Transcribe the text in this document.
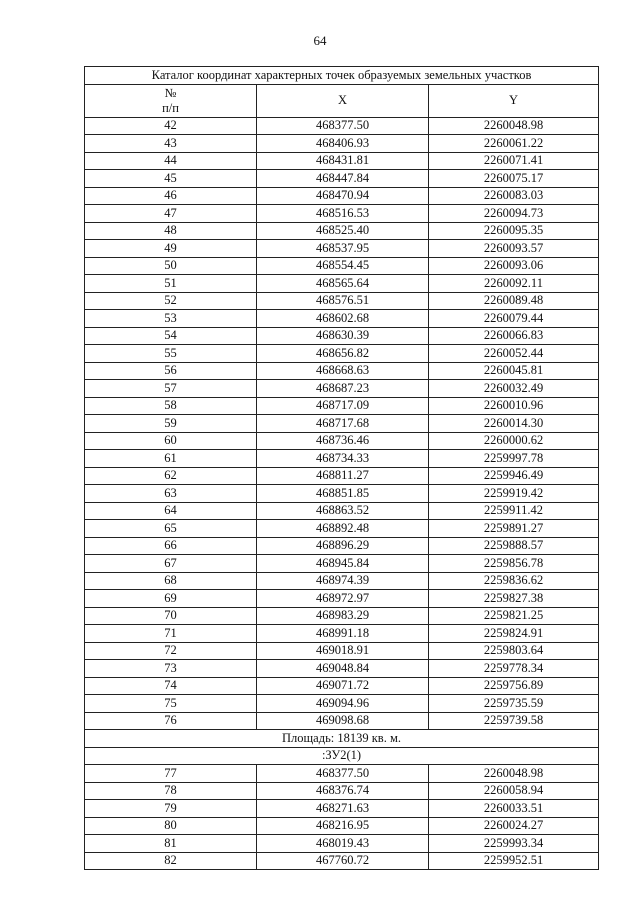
64
Каталог координат характерных точек образуемых земельных участков		

№
п/п	X	Y
42	468377.50	2260048.98
43	468406.93	2260061.22
44	468431.81	2260071.41
45	468447.84	2260075.17
46	468470.94	2260083.03
47	468516.53	2260094.73
48	468525.40	2260095.35
49	468537.95	2260093.57
50	468554.45	2260093.06
51	468565.64	2260092.11
52	468576.51	2260089.48
53	468602.68	2260079.44
54	468630.39	2260066.83
55	468656.82	2260052.44
56	468668.63	2260045.81
57	468687.23	2260032.49
58	468717.09	2260010.96
59	468717.68	2260014.30
60	468736.46	2260000.62
61	468734.33	2259997.78
62	468811.27	2259946.49
63	468851.85	2259919.42
64	468863.52	2259911.42
65	468892.48	2259891.27
66	468896.29	2259888.57
67	468945.84	2259856.78
68	468974.39	2259836.62
69	468972.97	2259827.38
70	468983.29	2259821.25
71	468991.18	2259824.91
72	469018.91	2259803.64
73	469048.84	2259778.34
74	469071.72	2259756.89
75	469094.96	2259735.59
76	469098.68	2259739.58
Площадь: 18139 кв. м.		
:ЗУ2(1)		
77	468377.50	2260048.98
78	468376.74	2260058.94
79	468271.63	2260033.51
80	468216.95	2260024.27
81	468019.43	2259993.34
82	467760.72	2259952.51
